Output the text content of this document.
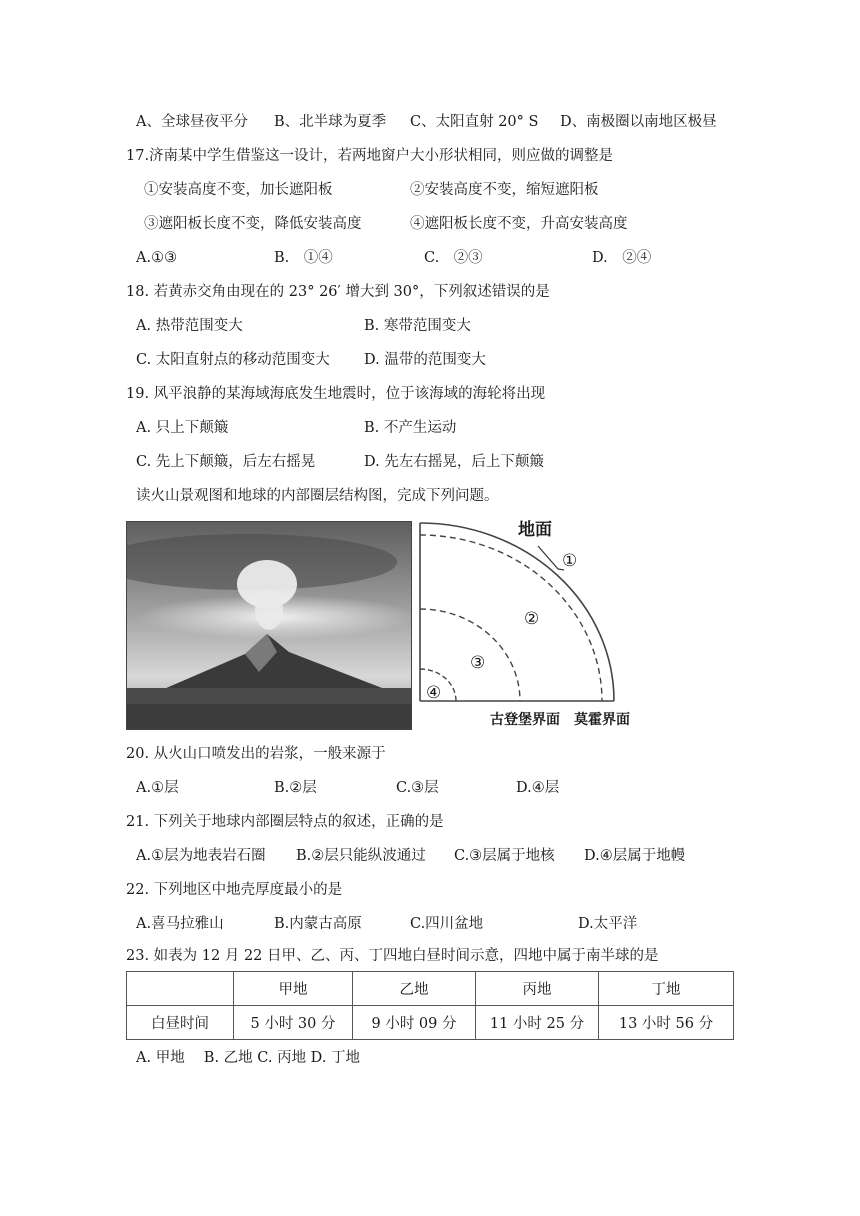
A、全球昼夜平分 B、北半球为夏季 C、太阳直射 20° S D、南极圈以南地区极昼
17.济南某中学生借鉴这一设计，若两地窗户大小形状相同，则应做的调整是
①安装高度不变，加长遮阳板	②安装高度不变，缩短遮阳板
③遮阳板长度不变，降低安装高度	④遮阳板长度不变，升高安装高度
A.①③	B.　①④	C.　②③	D.　②④
18. 若黄赤交角由现在的 23° 26′ 增大到 30°，下列叙述错误的是
A. 热带范围变大	B. 寒带范围变大
C. 太阳直射点的移动范围变大 D. 温带的范围变大
19. 风平浪静的某海域海底发生地震时，位于该海域的海轮将出现
A. 只上下颠簸	B. 不产生运动
C. 先上下颠簸，后左右摇晃	D. 先左右摇晃，后上下颠簸
读火山景观图和地球的内部圈层结构图，完成下列问题。
地面
①
②
③
④
古登堡界面　莫霍界面
20. 从火山口喷发出的岩浆，一般来源于
A.①层	B.②层	C.③层	D.④层
21. 下列关于地球内部圈层特点的叙述，正确的是
A.①层为地表岩石圈 B.②层只能纵波通过 C.③层属于地核 D.④层属于地幔
22. 下列地区中地壳厚度最小的是
A.喜马拉雅山	B.内蒙古高原	C.四川盆地	D.太平洋
23. 如表为 12 月 22 日甲、乙、丙、丁四地白昼时间示意，四地中属于南半球的是
	甲地	乙地	丙地	丁地
白昼时间	5 小时 30 分	9 小时 09 分	11 小时 25 分	13 小时 56 分
A. 甲地　 B. 乙地 C. 丙地 D. 丁地
